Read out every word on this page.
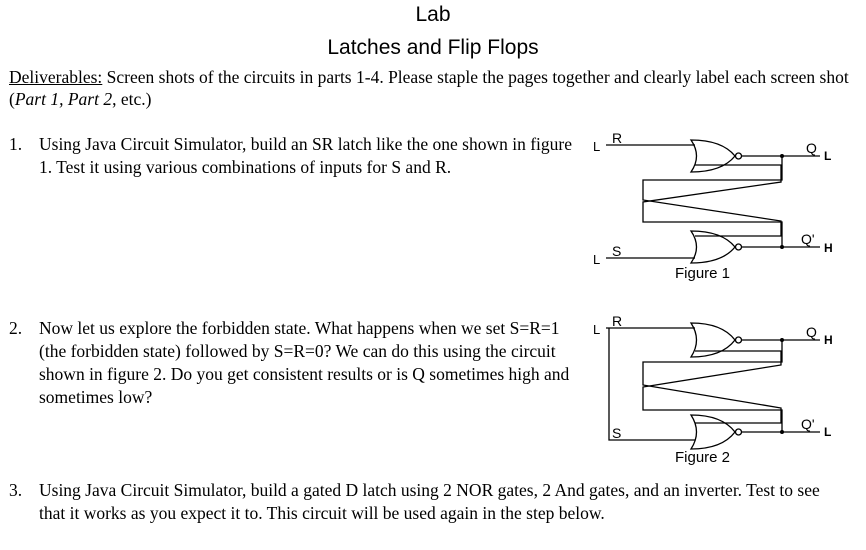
Lab
Latches and Flip Flops
Deliverables: Screen shots of the circuits in parts 1-4. Please staple the pages together and clearly label each screen shot (Part 1, Part 2, etc.)
1. Using Java Circuit Simulator, build an SR latch like the one shown in figure 1. Test it using various combinations of inputs for S and R.
2. Now let us explore the forbidden state. What happens when we set S=R=1 (the forbidden state) followed by S=R=0? We can do this using the circuit shown in figure 2. Do you get consistent results or is Q sometimes high and sometimes low?
3. Using Java Circuit Simulator, build a gated D latch using 2 NOR gates, 2 And gates, and an inverter. Test to see that it works as you expect it to. This circuit will be used again in the step below.
L
R
L
S
Q L
Q'
H
Figure 1
L
R
S
Q H
Q' L
Figure 2
